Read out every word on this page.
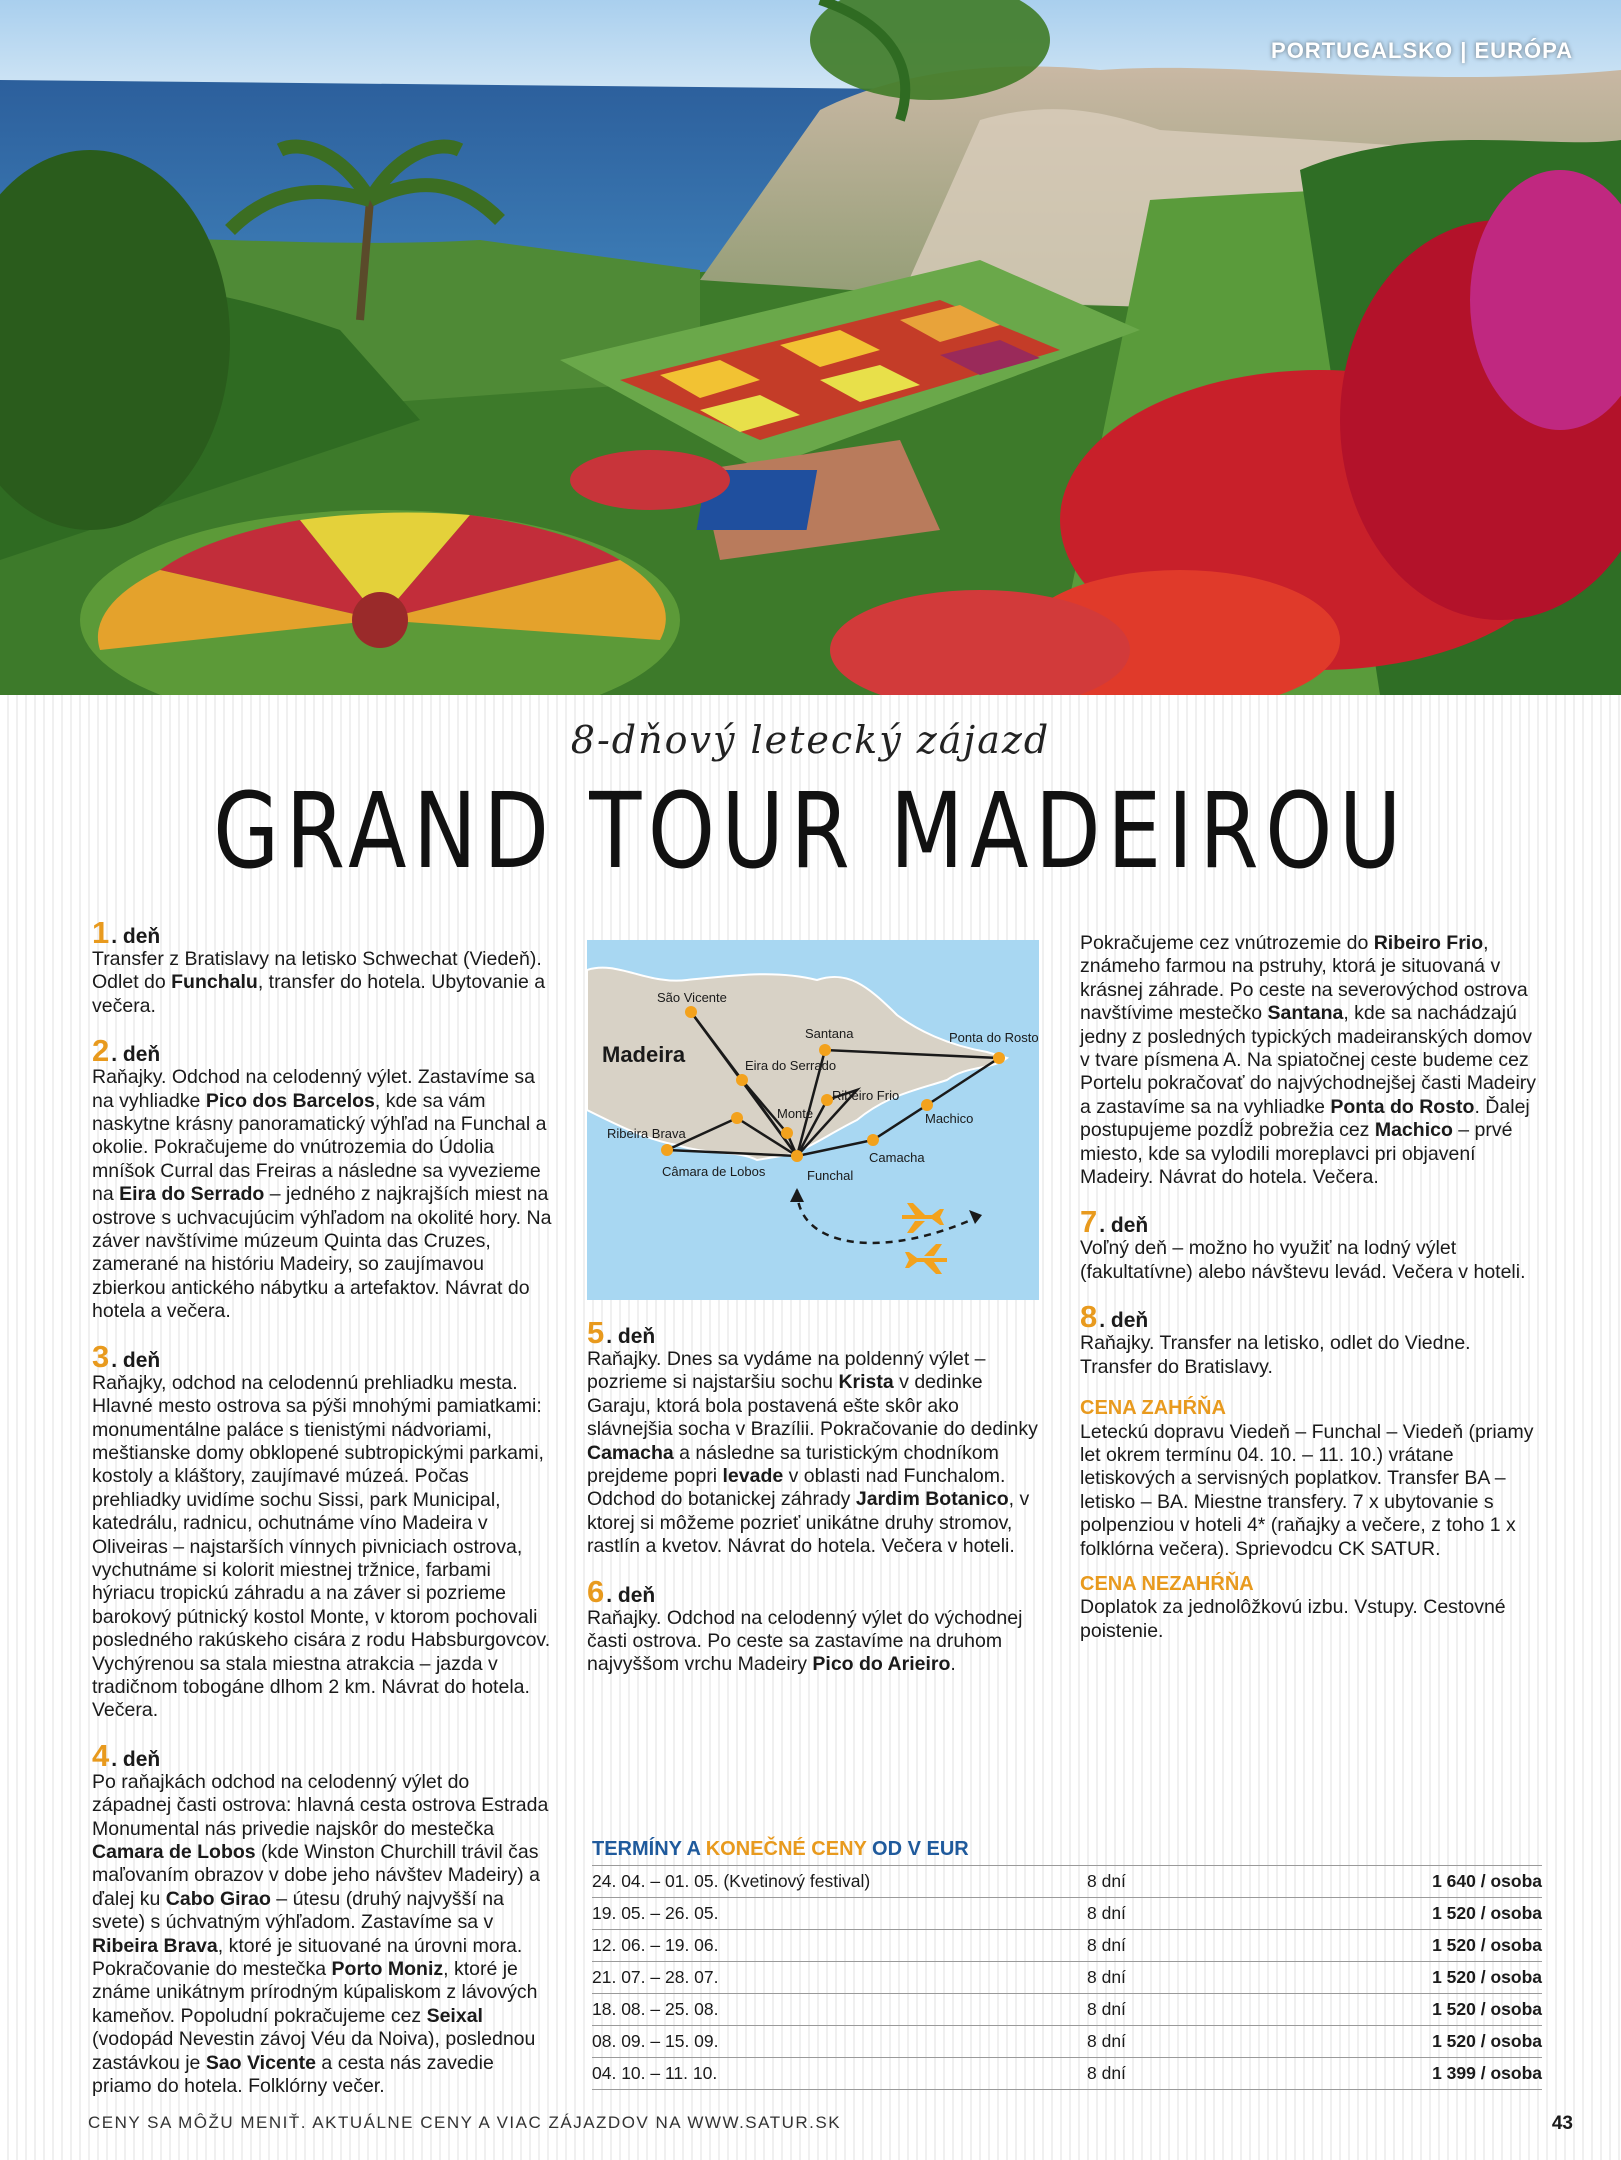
PORTUGALSKO | EURÓPA
8-dňový letecký zájazd
GRAND TOUR MADEIROU
1 . deň

Transfer z Bratislavy na letisko Schwechat (Viedeň). Odlet do Funchalu, transfer do hotela. Ubytovanie a večera.

2 . deň

Raňajky. Odchod na celodenný výlet. Zastavíme sa na vyhliadke Pico dos Barcelos, kde sa vám naskytne krásny panoramatický výhľad na Funchal a okolie. Pokračujeme do vnútrozemia do Údolia mníšok Curral das Freiras a následne sa vyvezieme na Eira do Serrado – jedného z najkrajších miest na ostrove s uchvacujúcim výhľadom na okolité hory. Na záver navštívime múzeum Quinta das Cruzes, zamerané na históriu Madeiry, so zaujímavou zbierkou antického nábytku a artefaktov. Návrat do hotela a večera.

3 . deň

Raňajky, odchod na celodennú prehliadku mesta. Hlavné mesto ostrova sa pýši mnohými pamiatkami: monumentálne paláce s tienistými nádvoriami, meštianske domy obklopené subtropickými parkami, kostoly a kláštory, zaujímavé múzeá. Počas prehliadky uvidíme sochu Sissi, park Municipal, katedrálu, radnicu, ochutnáme víno Madeira v Oliveiras – najstarších vínnych pivniciach ostrova, vychutnáme si kolorit miestnej tržnice, farbami hýriacu tropickú záhradu a na záver si pozrieme barokový pútnický kostol Monte, v ktorom pochovali posledného rakúskeho cisára z rodu Habsburgovcov. Vychýrenou sa stala miestna atrakcia – jazda v tradičnom tobogáne dlhom 2 km. Návrat do hotela. Večera.

4 . deň

Po raňajkách odchod na celodenný výlet do západnej časti ostrova: hlavná cesta ostrova Estrada Monumental nás privedie najskôr do mestečka Camara de Lobos (kde Winston Churchill trávil čas maľovaním obrazov v dobe jeho návštev Madeiry) a ďalej ku Cabo Girao – útesu (druhý najvyšší na svete) s úchvatným výhľadom. Zastavíme sa v Ribeira Brava, ktoré je situované na úrovni mora. Pokračovanie do mestečka Porto Moniz, ktoré je známe unikátnym prírodným kúpaliskom z lávových kameňov. Popoludní pokračujeme cez Seixal (vodopád Nevestin závoj Véu da Noiva), poslednou zastávkou je Sao Vicente a cesta nás zavedie priamo do hotela. Folklórny večer.

Madeira
São Vicente
Santana	Ponta do Rosto
Eira do Serrado
Monte
Ribeiro Frio
Machico
Ribeira Brava
Camacha
Câmara de Lobos	Funchal
5 . deň

Raňajky. Dnes sa vydáme na poldenný výlet – pozrieme si najstaršiu sochu Krista v dedinke Garaju, ktorá bola postavená ešte skôr ako slávnejšia socha v Brazílii. Pokračovanie do dedinky Camacha a následne sa turistickým chodníkom prejdeme popri levade v oblasti nad Funchalom. Odchod do botanickej záhrady Jardim Botanico, v ktorej si môžeme pozrieť unikátne druhy stromov, rastlín a kvetov. Návrat do hotela. Večera v hoteli.

6 . deň

Raňajky. Odchod na celodenný výlet do východnej časti ostrova. Po ceste sa zastavíme na druhom najvyššom vrchu Madeiry Pico do Arieiro.

Pokračujeme cez vnútrozemie do Ribeiro Frio, známeho farmou na pstruhy, ktorá je situovaná v krásnej záhrade. Po ceste na severovýchod ostrova navštívime mestečko Santana, kde sa nachádzajú jedny z posledných typických madeiranských domov v tvare písmena A. Na spiatočnej ceste budeme cez Portelu pokračovať do najvýchodnejšej časti Madeiry a zastavíme sa na vyhliadke Ponta do Rosto. Ďalej postupujeme pozdĺž pobrežia cez Machico – prvé miesto, kde sa vylodili moreplavci pri objavení Madeiry. Návrat do hotela. Večera.

7 . deň

Voľný deň – možno ho využiť na lodný výlet (fakultatívne) alebo návštevu levád. Večera v hoteli.

8 . deň

Raňajky. Transfer na letisko, odlet do Viedne. Transfer do Bratislavy.

CENA ZAHŔŇA

Leteckú dopravu Viedeň – Funchal – Viedeň (priamy let okrem termínu 04. 10. – 11. 10.) vrátane letiskových a servisných poplatkov. Transfer BA – letisko – BA. Miestne transfery. 7 x ubytovanie s polpenziou v hoteli 4* (raňajky a večere, z toho 1 x folklórna večera). Sprievodcu CK SATUR.

CENA NEZAHŔŇA

Doplatok za jednolôžkovú izbu. Vstupy. Cestovné poistenie.

TERMÍNY A KONEČNÉ CENY OD V EUR
24. 04. – 01. 05. (Kvetinový festival)	8 dní	1 640 / osoba
19. 05. – 26. 05.	8 dní	1 520 / osoba
12. 06. – 19. 06.	8 dní	1 520 / osoba
21. 07. – 28. 07.	8 dní	1 520 / osoba
18. 08. – 25. 08.	8 dní	1 520 / osoba
08. 09. – 15. 09.	8 dní	1 520 / osoba
04. 10. – 11. 10.	8 dní	1 399 / osoba
CENY SA MÔŽU MENIŤ. AKTUÁLNE CENY A VIAC ZÁJAZDOV NA WWW.SATUR.SK	43
